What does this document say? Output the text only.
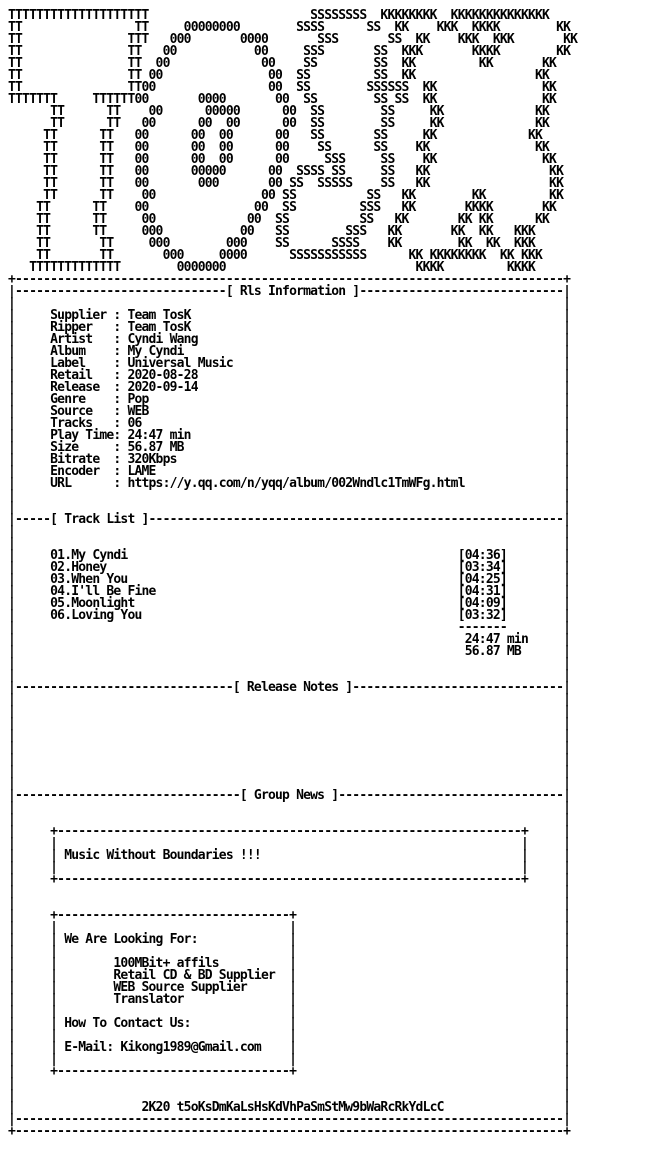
TTTTTTTTTTTTTTTTTTTT                       SSSSSSSS  KKKKKKKK  KKKKKKKKKKKKKK
TT                TT     00000000        SSSS      SS  KK    KKK  KKKK        KK
TT               TTT   000       0000       SSS       SS  KK    KKK  KKK       KK
TT               TT   00           00     SSS       SS  KKK       KKKK        KK
TT               TT  00             00    SS        SS  KK         KK       KK
TT               TT 00               00  SS         SS  KK                 KK
TT               TT00                00  SS        SSSSSS  KK               KK
TTTTTTT     TTTTTT00       0000       00  SS        SS SS  KK               KK
TT      TT    00      00000      00  SS        SS     KK             KK
TT      TT   00      00  00      00  SS        SS     KK             KK
TT      TT   00      00  00      00   SS       SS     KK             KK
TT      TT   00      00  00      00    SS      SS    KK               KK
TT      TT   00      00  00      00     SSS     SS    KK               KK
TT      TT   00      00000      00  SSSS SS     SS   KK                 KK
TT      TT   00       000       00 SS  SSSSS    SS   KK                 KK
TT      TT    00               00 SS          SS   KK        KK         KK
TT      TT    00               00  SS         SSS   KK       KKKK       KK
TT      TT     00             00  SS          SS   KK       KK KK      KK
TT      TT     000           00   SS        SSS   KK       KK  KK   KKK
TT       TT     000        000    SS      SSSS    KK        KK  KK  KKK
TT       TT       000     0000      SSSSSSSSSSS      KK KKKKKKKK  KK KKK
TTTTTTTTTTTTT        0000000                           KKKK         KKKK
+------------------------------------------------------------------------------+
|------------------------------[ Rls Information ]-----------------------------|
|                                                                              |
|     Supplier : Team TosK                                                     |
|     Ripper   : Team TosK                                                     |
|     Artist   : Cyndi Wang                                                    |
|     Album    : My Cyndi                                                      |
|     Label    : Universal Music                                               |
|     Retail   : 2020-08-28                                                    |
|     Release  : 2020-09-14                                                    |
|     Genre    : Pop                                                           |
|     Source   : WEB                                                           |
|     Tracks   : 06                                                            |
|     Play Time: 24:47 min                                                     |
|     Size     : 56.87 MB                                                      |
|     Bitrate  : 320Kbps                                                       |
|     Encoder  : LAME                                                          |
|     URL      : https://y.qq.com/n/yqq/album/002Wndlc1TmWFg.html              |
|                                                                              |
|                                                                              |
|-----[ Track List ]-----------------------------------------------------------|
|                                                                              |
|                                                                              |
|     01.My Cyndi                                               [04:36]        |
|     02.Honey                                                  [03:34]        |
|     03.When You                                               [04:25]        |
|     04.I'll Be Fine                                           [04:31]        |
|     05.Moonlight                                              [04:09]        |
|     06.Loving You                                             [03:32]        |
|                                                               -------        |
|                                                                24:47 min     |
|                                                                56.87 MB      |
|                                                                              |
|                                                                              |
|-------------------------------[ Release Notes ]------------------------------|
|                                                                              |
|                                                                              |
|                                                                              |
|                                                                              |
|                                                                              |
|                                                                              |
|                                                                              |
|                                                                              |
|--------------------------------[ Group News ]--------------------------------|
|                                                                              |
|                                                                              |
|     +------------------------------------------------------------------+     |
|     |                                                                  |     |
|     | Music Without Boundaries !!!                                     |     |
|     |                                                                  |     |
|     +------------------------------------------------------------------+     |
|                                                                              |
|                                                                              |
|     +---------------------------------+                                      |
|     |                                 |                                      |
|     | We Are Looking For:             |                                      |
|     |                                 |                                      |
|     |        100MBit+ affils          |                                      |
|     |        Retail CD & BD Supplier  |                                      |
|     |        WEB Source Supplier      |                                      |
|     |        Translator               |                                      |
|     |                                 |                                      |
|     | How To Contact Us:              |                                      |
|     |                                 |                                      |
|     | E-Mail: Kikong1989@Gmail.com    |                                      |
|     |                                 |                                      |
|     +---------------------------------+                                      |
|                                                                              |
|                                                                              |
|                  2K20 t5oKsDmKaLsHsKdVhPaSmStMw9bWaRcRkYdLcC                 |
|------------------------------------------------------------------------------|
+------------------------------------------------------------------------------+
